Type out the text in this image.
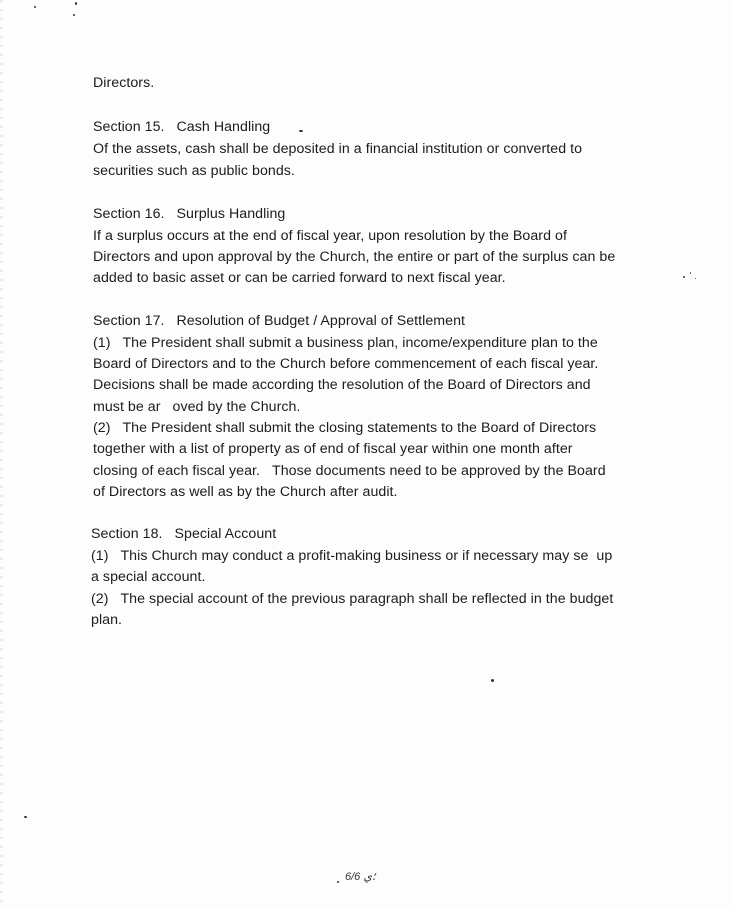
Directors.
Section 15.   Cash Handling
Of the assets, cash shall be deposited in a financial institution or converted to
securities such as public bonds.
Section 16.   Surplus Handling
If a surplus occurs at the end of fiscal year, upon resolution by the Board of
Directors and upon approval by the Church, the entire or part of the surplus can be
added to basic asset or can be carried forward to next fiscal year.
Section 17.   Resolution of Budget / Approval of Settlement
(1)   The President shall submit a business plan, income/expenditure plan to the
Board of Directors and to the Church before commencement of each fiscal year.
Decisions shall be made according the resolution of the Board of Directors and
must be ar   oved by the Church.
(2)   The President shall submit the closing statements to the Board of Directors
together with a list of property as of end of fiscal year within one month after
closing of each fiscal year.   Those documents need to be approved by the Board
of Directors as well as by the Church after audit.
Section 18.   Special Account
(1)   This Church may conduct a profit-making business or if necessary may se  up
a special account.
(2)   The special account of the previous paragraph shall be reflected in the budget
plan.
؛ي 6/6
